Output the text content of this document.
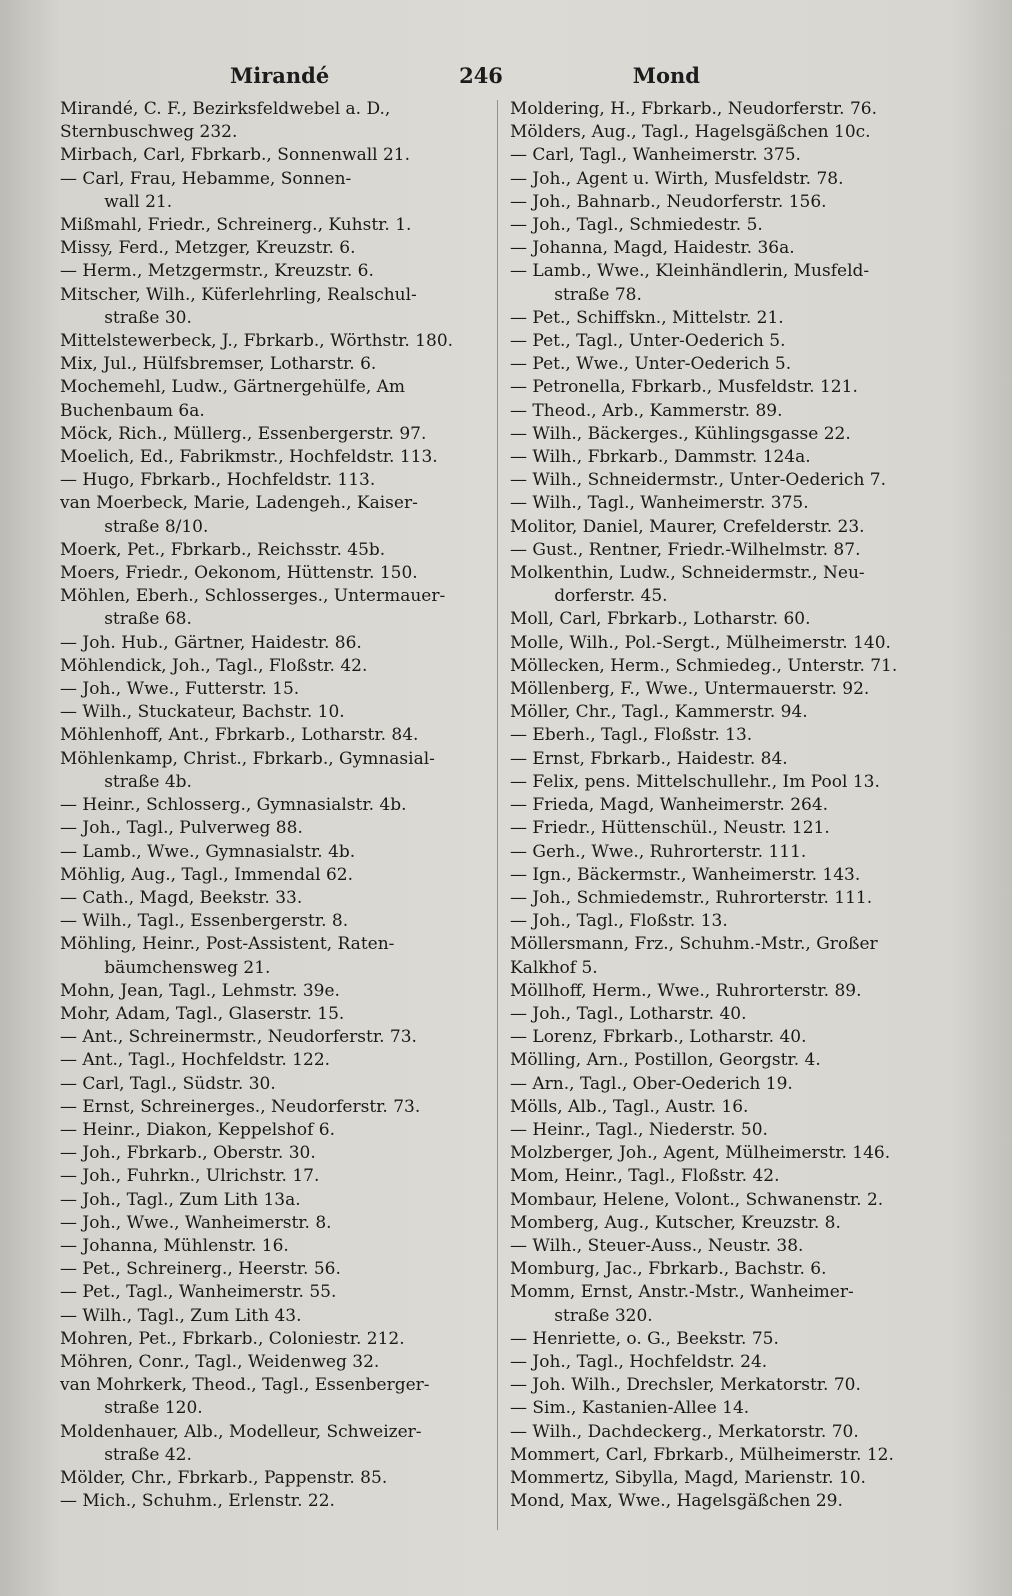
Mirandé	246	Mond
Mirandé, C. F., Bezirksfeldwebel a. D.,
Sternbuschweg 232.
Mirbach, Carl, Fbrkarb., Sonnenwall 21.
— Carl, Frau, Hebamme, Sonnen-
wall 21.
Mißmahl, Friedr., Schreinerg., Kuhstr. 1.
Missy, Ferd., Metzger, Kreuzstr. 6.
— Herm., Metzgermstr., Kreuzstr. 6.
Mitscher, Wilh., Küferlehrling, Realschul-
straße 30.
Mittelstewerbeck, J., Fbrkarb., Wörthstr. 180.
Mix, Jul., Hülfsbremser, Lotharstr. 6.
Mochemehl, Ludw., Gärtnergehülfe, Am
Buchenbaum 6a.
Möck, Rich., Müllerg., Essenbergerstr. 97.
Moelich, Ed., Fabrikmstr., Hochfeldstr. 113.
— Hugo, Fbrkarb., Hochfeldstr. 113.
van Moerbeck, Marie, Ladengeh., Kaiser-
straße 8/10.
Moerk, Pet., Fbrkarb., Reichsstr. 45b.
Moers, Friedr., Oekonom, Hüttenstr. 150.
Möhlen, Eberh., Schlosserges., Untermauer-
straße 68.
— Joh. Hub., Gärtner, Haidestr. 86.
Möhlendick, Joh., Tagl., Floßstr. 42.
— Joh., Wwe., Futterstr. 15.
— Wilh., Stuckateur, Bachstr. 10.
Möhlenhoff, Ant., Fbrkarb., Lotharstr. 84.
Möhlenkamp, Christ., Fbrkarb., Gymnasial-
straße 4b.
— Heinr., Schlosserg., Gymnasialstr. 4b.
— Joh., Tagl., Pulverweg 88.
— Lamb., Wwe., Gymnasialstr. 4b.
Möhlig, Aug., Tagl., Immendal 62.
— Cath., Magd, Beekstr. 33.
— Wilh., Tagl., Essenbergerstr. 8.
Möhling, Heinr., Post-Assistent, Raten-
bäumchensweg 21.
Mohn, Jean, Tagl., Lehmstr. 39e.
Mohr, Adam, Tagl., Glaserstr. 15.
— Ant., Schreinermstr., Neudorferstr. 73.
— Ant., Tagl., Hochfeldstr. 122.
— Carl, Tagl., Südstr. 30.
— Ernst, Schreinerges., Neudorferstr. 73.
— Heinr., Diakon, Keppelshof 6.
— Joh., Fbrkarb., Oberstr. 30.
— Joh., Fuhrkn., Ulrichstr. 17.
— Joh., Tagl., Zum Lith 13a.
— Joh., Wwe., Wanheimerstr. 8.
— Johanna, Mühlenstr. 16.
— Pet., Schreinerg., Heerstr. 56.
— Pet., Tagl., Wanheimerstr. 55.
— Wilh., Tagl., Zum Lith 43.
Mohren, Pet., Fbrkarb., Coloniestr. 212.
Möhren, Conr., Tagl., Weidenweg 32.
van Mohrkerk, Theod., Tagl., Essenberger-
straße 120.
Moldenhauer, Alb., Modelleur, Schweizer-
straße 42.
Mölder, Chr., Fbrkarb., Pappenstr. 85.
— Mich., Schuhm., Erlenstr. 22.
Moldering, H., Fbrkarb., Neudorferstr. 76.
Mölders, Aug., Tagl., Hagelsgäßchen 10c.
— Carl, Tagl., Wanheimerstr. 375.
— Joh., Agent u. Wirth, Musfeldstr. 78.
— Joh., Bahnarb., Neudorferstr. 156.
— Joh., Tagl., Schmiedestr. 5.
— Johanna, Magd, Haidestr. 36a.
— Lamb., Wwe., Kleinhändlerin, Musfeld-
straße 78.
— Pet., Schiffskn., Mittelstr. 21.
— Pet., Tagl., Unter-Oederich 5.
— Pet., Wwe., Unter-Oederich 5.
— Petronella, Fbrkarb., Musfeldstr. 121.
— Theod., Arb., Kammerstr. 89.
— Wilh., Bäckerges., Kühlingsgasse 22.
— Wilh., Fbrkarb., Dammstr. 124a.
— Wilh., Schneidermstr., Unter-Oederich 7.
— Wilh., Tagl., Wanheimerstr. 375.
Molitor, Daniel, Maurer, Crefelderstr. 23.
— Gust., Rentner, Friedr.-Wilhelmstr. 87.
Molkenthin, Ludw., Schneidermstr., Neu-
dorferstr. 45.
Moll, Carl, Fbrkarb., Lotharstr. 60.
Molle, Wilh., Pol.-Sergt., Mülheimerstr. 140.
Möllecken, Herm., Schmiedeg., Unterstr. 71.
Möllenberg, F., Wwe., Untermauerstr. 92.
Möller, Chr., Tagl., Kammerstr. 94.
— Eberh., Tagl., Floßstr. 13.
— Ernst, Fbrkarb., Haidestr. 84.
— Felix, pens. Mittelschullehr., Im Pool 13.
— Frieda, Magd, Wanheimerstr. 264.
— Friedr., Hüttenschül., Neustr. 121.
— Gerh., Wwe., Ruhrorterstr. 111.
— Ign., Bäckermstr., Wanheimerstr. 143.
— Joh., Schmiedemstr., Ruhrorterstr. 111.
— Joh., Tagl., Floßstr. 13.
Möllersmann, Frz., Schuhm.-Mstr., Großer
Kalkhof 5.
Möllhoff, Herm., Wwe., Ruhrorterstr. 89.
— Joh., Tagl., Lotharstr. 40.
— Lorenz, Fbrkarb., Lotharstr. 40.
Mölling, Arn., Postillon, Georgstr. 4.
— Arn., Tagl., Ober-Oederich 19.
Mölls, Alb., Tagl., Austr. 16.
— Heinr., Tagl., Niederstr. 50.
Molzberger, Joh., Agent, Mülheimerstr. 146.
Mom, Heinr., Tagl., Floßstr. 42.
Mombaur, Helene, Volont., Schwanenstr. 2.
Momberg, Aug., Kutscher, Kreuzstr. 8.
— Wilh., Steuer-Auss., Neustr. 38.
Momburg, Jac., Fbrkarb., Bachstr. 6.
Momm, Ernst, Anstr.-Mstr., Wanheimer-
straße 320.
— Henriette, o. G., Beekstr. 75.
— Joh., Tagl., Hochfeldstr. 24.
— Joh. Wilh., Drechsler, Merkatorstr. 70.
— Sim., Kastanien-Allee 14.
— Wilh., Dachdeckerg., Merkatorstr. 70.
Mommert, Carl, Fbrkarb., Mülheimerstr. 12.
Mommertz, Sibylla, Magd, Marienstr. 10.
Mond, Max, Wwe., Hagelsgäßchen 29.
